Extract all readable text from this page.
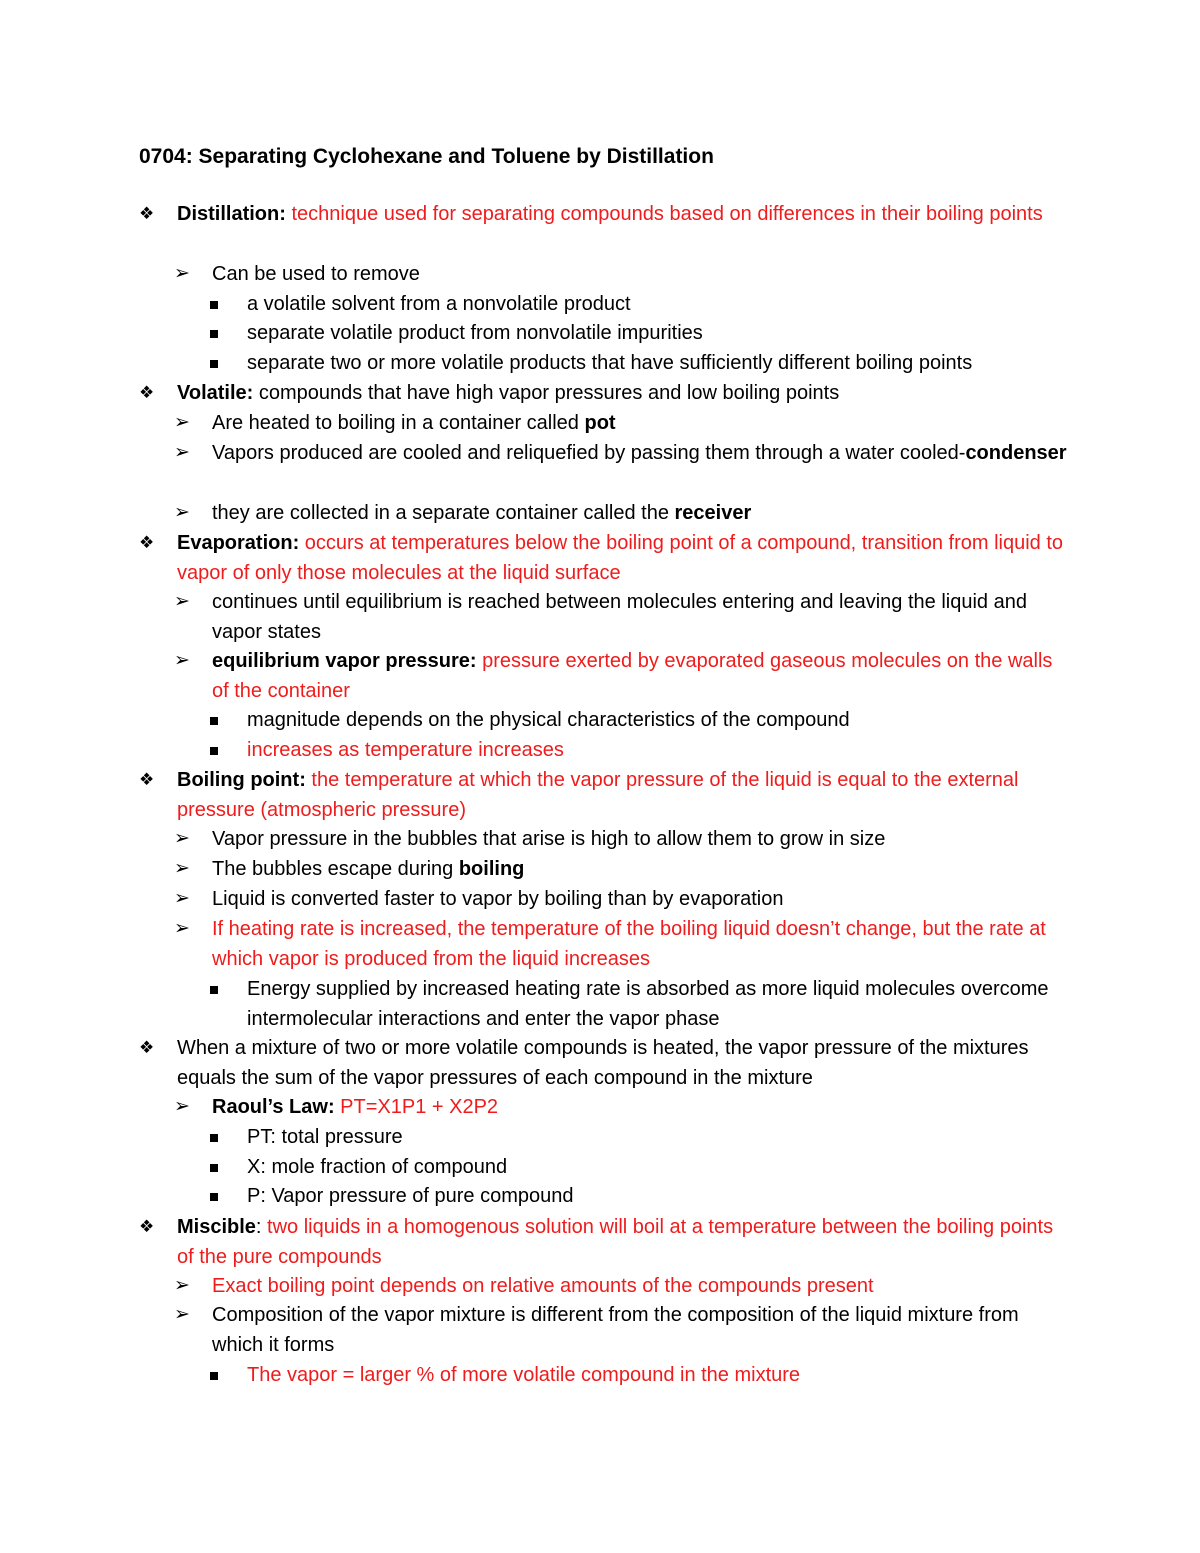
0704: Separating Cyclohexane and Toluene by Distillation
❖ Distillation: technique used for separating compounds based on differences in their boiling points
➢ Can be used to remove
a volatile solvent from a nonvolatile product
separate volatile product from nonvolatile impurities
separate two or more volatile products that have sufficiently different boiling points
❖ Volatile: compounds that have high vapor pressures and low boiling points
➢ Are heated to boiling in a container called pot
➢ Vapors produced are cooled and reliquefied by passing them through a water cooled-condenser
➢ they are collected in a separate container called the receiver
❖ Evaporation: occurs at temperatures below the boiling point of a compound, transition from liquid to vapor of only those molecules at the liquid surface
➢ continues until equilibrium is reached between molecules entering and leaving the liquid and vapor states
➢ equilibrium vapor pressure: pressure exerted by evaporated gaseous molecules on the walls of the container
magnitude depends on the physical characteristics of the compound
increases as temperature increases
❖ Boiling point: the temperature at which the vapor pressure of the liquid is equal to the external pressure (atmospheric pressure)
➢ Vapor pressure in the bubbles that arise is high to allow them to grow in size
➢ The bubbles escape during boiling
➢ Liquid is converted faster to vapor by boiling than by evaporation
➢ If heating rate is increased, the temperature of the boiling liquid doesn’t change, but the rate at which vapor is produced from the liquid increases
Energy supplied by increased heating rate is absorbed as more liquid molecules overcome intermolecular interactions and enter the vapor phase
❖ When a mixture of two or more volatile compounds is heated, the vapor pressure of the mixtures equals the sum of the vapor pressures of each compound in the mixture
➢ Raoul’s Law: PT=X1P1 + X2P2
PT: total pressure
X: mole fraction of compound
P: Vapor pressure of pure compound
❖ Miscible: two liquids in a homogenous solution will boil at a temperature between the boiling points of the pure compounds
➢ Exact boiling point depends on relative amounts of the compounds present
➢ Composition of the vapor mixture is different from the composition of the liquid mixture from which it forms
The vapor = larger % of more volatile compound in the mixture
